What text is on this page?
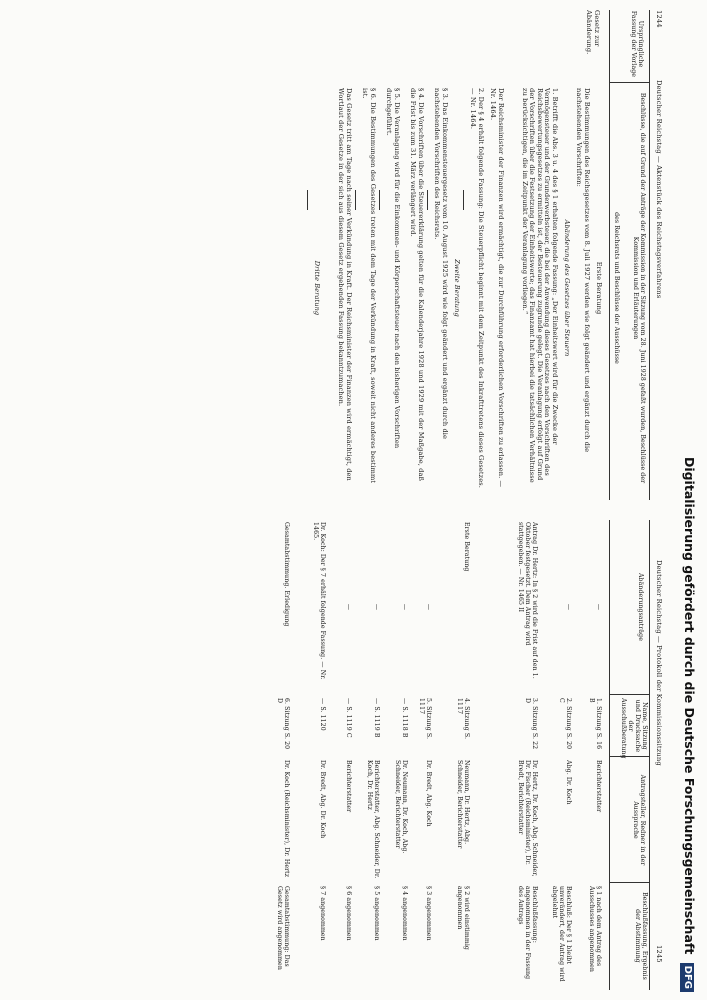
1244
Deutscher Reichstag — Aktenstück des Reichstagsverfahrens
Deutscher Reichstag — Protokoll der Kommissionssitzung
1245
Ursprüngliche Fassung der Vorlage
Beschlüsse, die auf Grund der Anträge der Kommission in der Sitzung vom 28. Juni 1928 gefaßt wurden, Beschlüsse der Kommission und Erläuterungen
des Reichsrats und Beschlüsse der Ausschüsse
Gesetz zur Abänderung.
Erste Beratung
Die Bestimmungen des Reichsgesetzes vom 8. Juli 1927 werden wie folgt geändert und ergänzt durch die nachstehenden Vorschriften:
Abänderung des Gesetzes über Steuern
1. Betrifft die Abs. 3 u. 4 des § 1 erhalten folgende Fassung: „Der Einheitswert wird für die Zwecke der Vermögensteuer und der Grunderwerbsteuer, die bei der Anwendung dieses Gesetzes nach den Vorschriften des Reichsbewertungsgesetzes zu ermitteln ist, der Besteuerung zugrunde gelegt. Die Veranlagung erfolgt auf Grund der Vorschriften über die Festsetzung der Einheitswerte; das Finanzamt hat hierbei die tatsächlichen Verhältnisse zu berücksichtigen, die im Zeitpunkt der Veranlagung vorliegen.“
Der Reichsminister der Finanzen wird ermächtigt, die zur Durchführung erforderlichen Vorschriften zu erlassen. — Nr. 1464.
2. Der § 4 erhält folgende Fassung: Die Steuerpflicht beginnt mit dem Zeitpunkt des Inkrafttretens dieses Gesetzes. — Nr. 1464.
Zweite Beratung
§ 3. Das Einkommensteuergesetz vom 10. August 1925 wird wie folgt geändert und ergänzt durch die nachstehenden Vorschriften des Reichsrats.
§ 4. Die Vorschriften über die Steuererklärung gelten für die Kalenderjahre 1928 und 1929 mit der Maßgabe, daß die Frist bis zum 31. März verlängert wird.
§ 5. Die Veranlagung wird für die Einkommen- und Körperschaftsteuer nach den bisherigen Vorschriften durchgeführt.
§ 6. Die Bestimmungen des Gesetzes treten mit dem Tage der Verkündung in Kraft, soweit nicht anderes bestimmt ist.
Das Gesetz tritt am Tage nach seiner Verkündung in Kraft. Der Reichsminister der Finanzen wird ermächtigt, den Wortlaut der Gesetze in der sich aus diesem Gesetz ergebenden Fassung bekanntzumachen.
Dritte Beratung
Abänderungsanträge
Name, Sitzung und Drucksache der Ausschußberatung
Antragsteller, Redner in der Aussprache
Beschlußfassung, Ergebnis der Abstimmung
—
1. Sitzung S. 16 B
Berichterstatter
§ 1 nach dem Antrag des Ausschusses angenommen
—
2. Sitzung S. 20 C
Abg. Dr. Koch
Beschluß: Der § 1 bleibt unverändert, der Antrag wird abgelehnt
Antrag Dr. Hertz: In § 2 wird die Frist auf den 1. Oktober festgesetzt. Dem Antrag wird stattgegeben. — Nr. 1465 II
3. Sitzung S. 22 D
Dr. Hertz, Dr. Koch, Abg. Schneider, Dr. Fischer (Reichsminister), Dr. Bredt, Berichterstatter
Beschlußfassung: angenommen in der Fassung des Antrags
Erste Beratung
4. Sitzung S. 1117
Neumann, Dr. Hertz, Abg. Schneider, Berichterstatter
§ 2 wird einstimmig angenommen
—
5. Sitzung S. 1117
Dr. Bredt, Abg. Koch
§ 3 angenommen
—
— S. 1118 B
Dr. Neumann, Dr. Koch, Abg. Schneider, Berichterstatter
§ 4 angenommen
—
— S. 1119 B
Berichterstatter, Abg. Schneider, Dr. Koch, Dr. Hertz
§ 5 angenommen
—
— S. 1119 C
Berichterstatter
§ 6 angenommen
Dr. Koch: Der § 7 erhält folgende Fassung. — Nr. 1465.
— S. 1120
Dr. Bredt, Abg. Dr. Koch
§ 7 angenommen
Gesamtabstimmung. Erledigung
6. Sitzung S. 20 D
Dr. Koch (Reichsminister), Dr. Hertz
Gesamtabstimmung: Das Gesetz wird angenommen	Digitalisierung gefördert durch die Deutsche Forschungsgemeinschaft DFG
